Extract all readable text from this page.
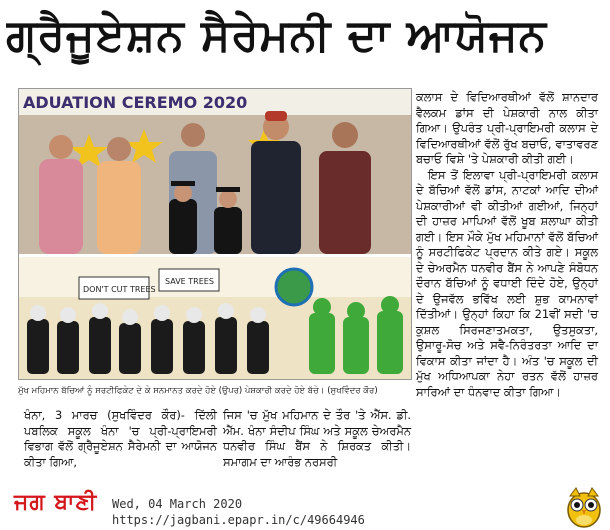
ਗ੍ਰੈਜੂਏਸ਼ਨ ਸੈਰੇਮਨੀ ਦਾ ਆਯੋਜਨ
ADUATION CEREMO 2020
DON'T CUT TREES
SAVE TREES
ਮੁੱਖ ਮਹਿਮਾਨ ਬੱਚਿਆਂ ਨੂੰ ਸਰਟੀਫਿਕੇਟ ਦੇ ਕੇ ਸਨਮਾਨਤ ਕਰਦੇ ਹੋਏ (ਉਪਰ) ਪੇਸ਼ਕਾਰੀ ਕਰਦੇ ਹੋਏ ਬੱਚੇ। (ਸੁਖਵਿੰਦਰ ਕੌਰ)

ਕਲਾਸ ਦੇ ਵਿਦਿਆਰਥੀਆਂ ਵੱਲੋਂ ਸ਼ਾਨਦਾਰ ਵੈਲਕਮ ਡਾਂਸ ਦੀ ਪੇਸ਼ਕਾਰੀ ਨਾਲ ਕੀਤਾ ਗਿਆ। ਉਪਰੰਤ ਪ੍ਰੀ-ਪ੍ਰਾਇਮਰੀ ਕਲਾਸ ਦੇ ਵਿਦਿਆਰਥੀਆਂ ਵੱਲੋਂ ਰੁੱਖ ਬਚਾਓ, ਵਾਤਾਵਰਣ ਬਚਾਓ ਵਿਸ਼ੇ 'ਤੇ ਪੇਸ਼ਕਾਰੀ ਕੀਤੀ ਗਈ।

ਇਸ ਤੋਂ ਇਲਾਵਾ ਪ੍ਰੀ-ਪ੍ਰਾਇਮਰੀ ਕਲਾਸ ਦੇ ਬੱਚਿਆਂ ਵੱਲੋਂ ਡਾਂਸ, ਨਾਟਕਾਂ ਆਦਿ ਦੀਆਂ ਪੇਸ਼ਕਾਰੀਆਂ ਵੀ ਕੀਤੀਆਂ ਗਈਆਂ, ਜਿਨ੍ਹਾਂ ਦੀ ਹਾਜ਼ਰ ਮਾਪਿਆਂ ਵੱਲੋਂ ਖੂਬ ਸ਼ਲਾਘਾ ਕੀਤੀ ਗਈ। ਇਸ ਮੌਕੇ ਮੁੱਖ ਮਹਿਮਾਨਾਂ ਵੱਲੋਂ ਬੱਚਿਆਂ ਨੂੰ ਸਰਟੀਫਿਕੇਟ ਪ੍ਰਦਾਨ ਕੀਤੇ ਗਏ। ਸਕੂਲ ਦੇ ਚੇਅਰਮੈਨ ਧਨਵੀਰ ਬੈਂਸ ਨੇ ਆਪਣੇ ਸੰਬੋਧਨ ਦੌਰਾਨ ਬੱਚਿਆਂ ਨੂੰ ਵਧਾਈ ਦਿੰਦੇ ਹੋਏ, ਉਨ੍ਹਾਂ ਦੇ ਉਜਵੱਲ ਭਵਿੱਖ ਲਈ ਸ਼ੁਭ ਕਾਮਨਾਵਾਂ ਦਿੱਤੀਆਂ। ਉਨ੍ਹਾਂ ਕਿਹਾ ਕਿ 21ਵੀਂ ਸਦੀ 'ਚ ਕੁਸ਼ਲ ਸਿਰਜਣਾਤਮਕਤਾ, ਉਤਸੁਕਤਾ, ਉਸਾਰੂ-ਸੋਚ ਅਤੇ ਸਵੈ-ਨਿਰੰਤਰਤਾ ਆਦਿ ਦਾ ਵਿਕਾਸ ਕੀਤਾ ਜਾਂਦਾ ਹੈ। ਅੰਤ 'ਚ ਸਕੂਲ ਦੀ ਮੁੱਖ ਅਧਿਆਪਕਾ ਨੇਹਾ ਰਤਨ ਵੱਲੋਂ ਹਾਜ਼ਰ ਸਾਰਿਆਂ ਦਾ ਧੰਨਵਾਦ ਕੀਤਾ ਗਿਆ।

ਖੰਨਾ, 3 ਮਾਰਚ (ਸੁਖਵਿੰਦਰ ਕੌਰ)- ਦਿੱਲੀ ਪਬਲਿਕ ਸਕੂਲ ਖੰਨਾ 'ਚ ਪ੍ਰੀ-ਪ੍ਰਾਇਮਰੀ ਵਿਭਾਗ ਵੱਲੋਂ ਗ੍ਰੈਜੂਏਸ਼ਨ ਸੈਰੇਮਨੀ ਦਾ ਆਯੋਜਨ ਕੀਤਾ ਗਿਆ,

ਜਿਸ 'ਚ ਮੁੱਖ ਮਹਿਮਾਨ ਦੇ ਤੌਰ 'ਤੇ ਐੱਸ. ਡੀ. ਐੱਮ. ਖੰਨਾ ਸੰਦੀਪ ਸਿੰਘ ਅਤੇ ਸਕੂਲ ਚੇਅਰਮੈਨ ਧਨਵੀਰ ਸਿੰਘ ਬੈਂਸ ਨੇ ਸ਼ਿਰਕਤ ਕੀਤੀ। ਸਮਾਗਮ ਦਾ ਆਰੰਭ ਨਰਸਰੀ

ਜਗ ਬਾਣੀ Wed, 04 March 2020
https://jagbani.epapr.in/c/49664946
